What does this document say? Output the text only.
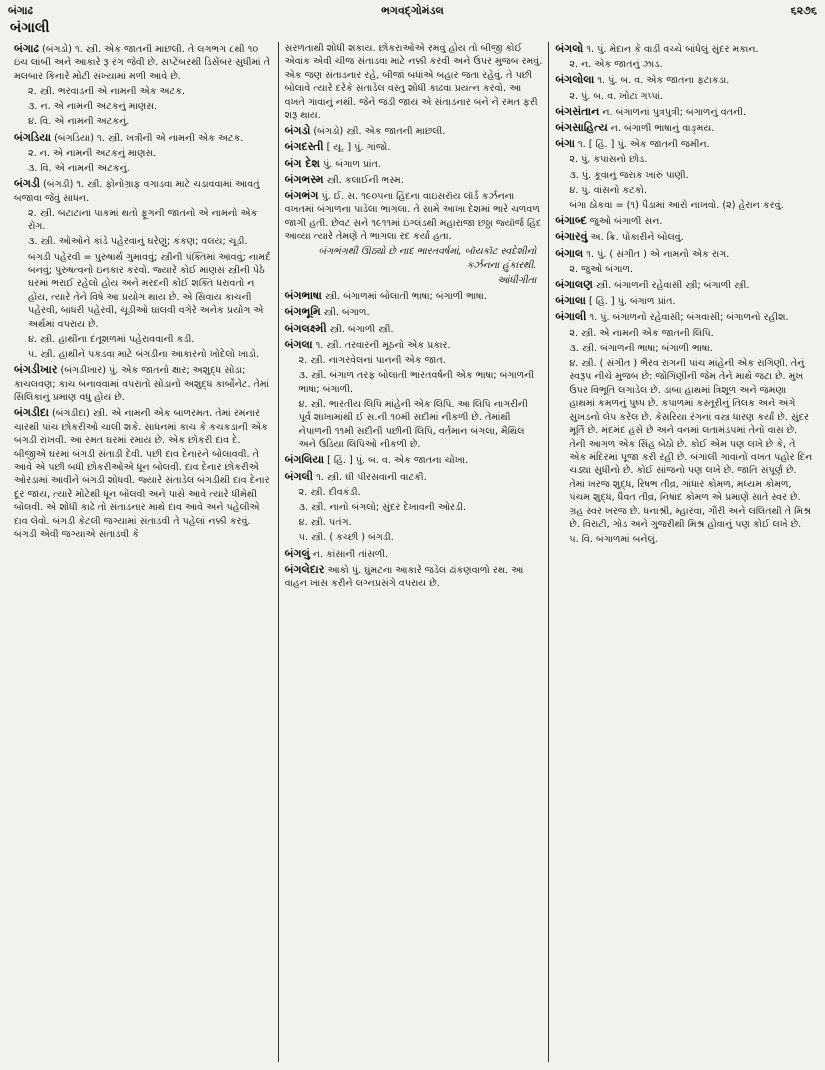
બંગાઢ	ભગવદ્ગોમંડલ	૬૨૭૬
બંગાલી

બંગાઢ (બંગડો) ૧. સ્ત્રી. એક જાતની માછલી. તે લગભગ ૮થી ૧૦ ઇંચ લાંબી અને આકારે રૂ રંગ જેવી છે. સપ્ટેંબરથી ડિસેંબર સુધીમાં તે મલબાર કિનારે મોટી સંખ્યામાં મળી આવે છે.

૨. સ્ત્રી. ભરવાડની એ નામની એક અટક.

૩. ન. એ નામની અટકનું માણસ.

૪. વિ. એ નામની અટકનું.

બંગડિયા (બંગડિયા) ૧. સ્ત્રી. ખત્રીની એ નામની એક અટક.

૨. ન. એ નામની અટકનું માણસ.

૩. વિ. એ નામની અટકનું.

બંગડી (બંગડી) ૧. સ્ત્રી. ફોનોગ્રાફ વગાડવા માટે ચડાવવામાં આવતું બજાવા જેવું સાધન.

૨. સ્ત્રી. બટાટાના પાકમાં થતો ફૂગની જાતનો એ નામનો એક રોગ.

૩. સ્ત્રી. ઓઓને કાંડે પહેરવાનું ઘરેણું; કંકણ; વલય; ચૂડી.

બંગડી પહેરવી = પુરુષાર્થ ગુમાવવું; સ્ત્રીની પંક્તિમાં આવવું; નામર્દ બનવું; પુરુષત્વનો ઇનકાર કરવો. જ્યારે કોઈ માણસ સ્ત્રીની પેઠે ઘરમાં ભરાઈ રહેલો હોય અને મરદની કોઈ શક્તિ ધરાવતો ન હોય, ત્યારે તેને વિષે આ પ્રયોગ થાય છે. એ સિવાય કાચની પહેરવી, બાધરી પહેરવી, ચૂડીઓ ઘાલવી વગેરે અનેક પ્રયોગ એ અર્થમાં વપરાય છે.

૪. સ્ત્રી. હાથીના દંતૂશળમાં પહેરાવવાની કડી.

૫. સ્ત્રી. હાથીને પકડવા માટે બંગડીના આકારનો ખોદેલો ખાડો.

બંગડીખાર (બંગડીખાર) પું. એક જાતનો ક્ષાર; અશુદ્ધ સોડા; કાચલવણ; કાચ બનાવવામાં વપરાતો સોડાનો અશુદ્ધ કાર્બોનેટ. તેમાં સિલિકાનું પ્રમાણ વધુ હોય છે.

બંગડીદા (બંગડીદા) સ્ત્રી. એ નામની એક બાળરમત. તેમાં રમનાર ચારથી પાંચ છોકરીઓ ચાલી શકે. સાધનમાં કાચ કે કચકડાની એક બંગડી રાખવી. આ રમત ઘરમાં રમાય છે. એક છોકરી દાવ દે. બીજીએ ઘરમાં બંગડી સંતાડી દેવી. પછી દાવ દેનારને બોલાવવી. તે આવે એ પછી બધી છોકરીઓએ ધૂન બોલવી. દાવ દેનાર છોકરીએ ઓરડામાં આવીને બંગડી શોધવી. જ્યારે સંતાડેલ બંગડીથી દાવ દેનાર દૂર જાય, ત્યારે મોટેથી ધૂન બોલવી અને પાસે આવે ત્યારે ધીમેથી બોલવી. એ શોધી કાઢે તો સંતાડનાર માથે દાવ આવે અને પહેલીએ દાવ લેવો. બંગડી કેટલી જગ્યામાં સંતાડવી તે પહેલાં નક્કી કરવું. બંગડી એવી જગ્યાએ સંતાડવી કે

સરળતાથી શોધી શકાય. છોકરાઓએ રમવું હોય તો બીજી કોઈ એવાંક એવી ચીજ સંતાડવા માટે નક્કી કરવી અને ઉપર મુજબ રમવું. એક જણ સંતાડનાર રહે, બીજાં બધાંએ બહાર જતા રહેવું. તે પછી બોલાવે ત્યારે દરેકે સંતાડેલ વસ્તુ શોધી કાઢવા પ્રયત્ન કરવો. આ વખતે ગાવાનું નથી. જેને જડી જાય એ સંતાડનાર બને ને રમત ફરી શરૂ થાય.

બંગડો (બંગડો) સ્ત્રી. એક જાતની માછલી.

બંગદસ્તી [ યૂ. ] પું. ગાંજો.

બંગ દેશ પું. બંગાળ પ્રાંત.

બંગભસ્મ સ્ત્રી. કલાઈની ભસ્મ.

બંગભંગ પું. ઈ. સ. ૧૯૦૫ના હિંદના વાઇસરૉય લૉર્ડ કર્ઝનના વખતમાં બંગાળના પાડેલા ભાગલા. તે સામે આખા દેશમાં ભારે ચળવળ જાગી હતી. છેવટ સને ૧૯૧૧માં ઇંગ્લંડથી મહારાજા છઠ્ઠા જ્યૉર્જ હિંદ આવ્યા ત્યારે તેમણે તે ભાગલા રદ કર્યા હતા.

બંગભંગથી ઊઠ્યો છે નાદ ભારતવર્ષમાં, બૉયકૉટ સ્વદેશીનો કર્ઝનના હુંકારથી.

આંધીગીતા

બંગભાષા સ્ત્રી. બંગાળમાં બોલાતી ભાષા; બંગાળી ભાષા.

બંગભૂમિ સ્ત્રી. બંગાળ.

બંગલક્ષ્મી સ્ત્રી. બંગાળી સ્ત્રી.

બંગલા ૧. સ્ત્રી. તરવારની મૂઠનો એક પ્રકાર.

૨. સ્ત્રી. નાગરવેલનાં પાનની એક જાત.

૩. સ્ત્રી. બંગાળ તરફ બોલાતી ભારતવર્ષની એક ભાષા; બંગાળની ભાષા; બંગાળી.

૪. સ્ત્રી. ભારતીય લિપિ માંહેની એક લિપિ. આ લિપિ નાગરીની પૂર્વ શાખામાંથી ઈ સ.ની ૧૦મી સદીમાં નીકળી છે. તેમાંથી નેપાળની ૧૧મી સદીની પછીની લિપિ, વર્તમાન બંગલા, મૈથિલ અને ઉડિયા લિપિઓ નીકળી છે.

બંગલિયા [ હિં. ] પું. બ. વ. એક જાતના ચોખા.

બંગલી ૧. સ્ત્રી. ઘી પીરસવાની વાટકી.

૨. સ્ત્રી. દીવકંડી.

૩. સ્ત્રી. નાનો બંગલો; સુંદર દેખાવની ઓરડી.

૪. સ્ત્રી. પતંગ.

૫. સ્ત્રી. ( કચ્છી ) બંગડી.

બંગલું ન. કાંસાની તાંસળી.

બંગલેદાર આકો પું. ઘુંમટના આકારે જડેલ ઢાંકણવાળો રથ. આ વાહન ખાસ કરીને લગ્નપ્રસંગે વપરાય છે.

બંગલો ૧. પું. મેદાન કે વાડી વચ્ચે બાંધેલું સુંદર મકાન.

૨. ન. એક જાતનું ઝાડ.

બંગલોલા ૧. પું. બ. વ. એક જાતના ફટાકડા.

૨. પું. બ. વ. ખોટાં ગપ્પાં.

બંગસંતાન ન. બંગાળનાં પુત્રપુત્રી; બંગાળનું વતની.

બંગસાહિત્ય ન. બંગાળી ભાષાનું વાઙ્મય.

બંગા ૧. [ હિં. ] પું. એક જાતની જમીન.

૨. પું. કપાસનો છોડ.

૩. પું. કૂવાનું જરાક ખારું પાણી.

૪. પું. વાંસનો કટકો.

બંગા ઠોકવા = (૧) પૈડામાં આરો નાખવો. (૨) હેરાન કરવું.

બંગાબ્દ જુઓ બંગાળી સન.

બંગારવું અ. ક્રિ. પોકારીને બોલવું.

બંગાલ ૧. પું. ( સંગીત ) એ નામનો એક રાગ.

૨. જુઓ બંગાળ.

બંગાલણ સ્ત્રી. બંગાળની રહેવાસી સ્ત્રી; બંગાળી સ્ત્રી.

બંગાલા [ હિં. ] પું. બંગાળ પ્રાંત.

બંગાલી ૧. પું. બંગાળનો રહેવાસી; બંગવાસી; બંગાળનો રહીશ.

૨. સ્ત્રી. એ નામની એક જાતની લિપિ.

૩. સ્ત્રી. બંગાળની ભાષા; બંગાળી ભાષા.

૪. સ્ત્રી. ( સંગીત ) ભૈરવ રાગની પાંચ માંહેની એક રાગિણી. તેનું સ્વરૂપ નીચે મુજબ છે: જોગિણીની જેમ તેને માથે જટા છે. મુખ ઉપર વિભૂતિ લગાડેલ છે. ડાબા હાથમાં ત્રિશૂળ અને જમણા હાથમાં કમળનું પુષ્પ છે. કપાળમાં કસ્તૂરીનું તિલક અને અંગે સુખડનો લેપ કરેલ છે. કેસરિયા રંગનાં વસ્ત્ર ધારણ કર્યાં છે. સુંદર મૂર્તિ છે. મંદમંદ હસે છે અને વનમાં લતામંડપમાં તેનો વાસ છે. તેની આગળ એક સિંહ બેઠો છે. કોઈ એમ પણ લખે છે કે, તે એક મંદિરમાં પૂજા કરી રહી છે. બંગાલી ગાવાનો વખત પહોર દિન ચડ્યા સુધીનો છે. કોઈ સાંજનો પણ લખે છે. જાતિ સંપૂર્ણ છે. તેમાં ખરજ શુદ્ધ, રિષભ તીવ્ર, ગાંધાર કોમળ, મધ્યમ કોમળ, પંચમ શુદ્ધ, ધૈવત તીવ્ર, નિષાદ કોમળ એ પ્રમાણે સાતે સ્વર છે. ગ્રહ સ્વર ખરજ છે. ધનાશ્રી, મ્હારવા, ગૌરી અને લલિતથી તે મિશ્ર છે. વિરાટી, ગોડ અને ગુજરીથી મિશ્ર હોવાનું પણ કોઈ લખે છે.

૫. વિ. બંગાળમાં બનેલું.
